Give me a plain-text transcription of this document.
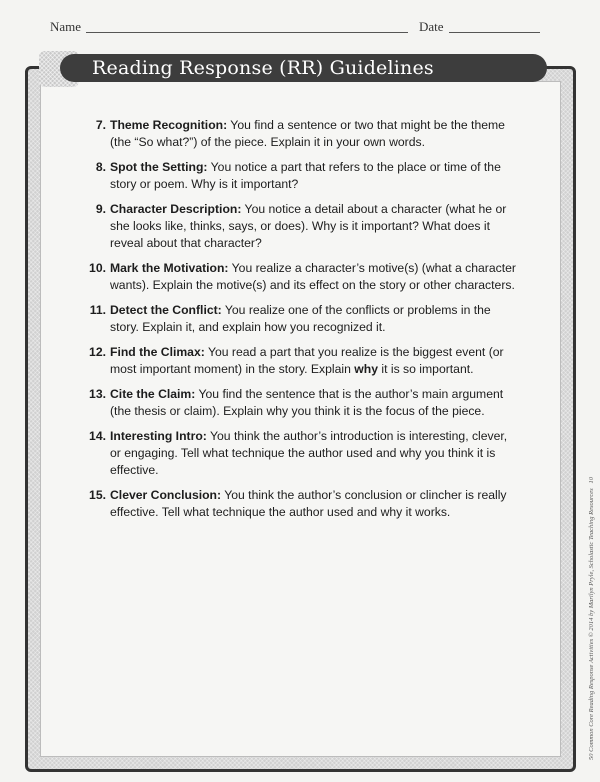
Name	Date
Reading Response (RR) Guidelines
7. Theme Recognition: You find a sentence or two that might be the theme (the “So what?”) of the piece. Explain it in your own words.
8. Spot the Setting: You notice a part that refers to the place or time of the story or poem. Why is it important?
9. Character Description: You notice a detail about a character (what he or she looks like, thinks, says, or does). Why is it important? What does it reveal about that character?
10. Mark the Motivation: You realize a character’s motive(s) (what a character wants). Explain the motive(s) and its effect on the story or other characters.
11. Detect the Conflict: You realize one of the conflicts or problems in the story. Explain it, and explain how you recognized it.
12. Find the Climax: You read a part that you realize is the biggest event (or most important moment) in the story. Explain why it is so important.
13. Cite the Claim: You find the sentence that is the author’s main argument (the thesis or claim). Explain why you think it is the focus of the piece.
14. Interesting Intro: You think the author’s introduction is interesting, clever, or engaging. Tell what technique the author used and why you think it is effective.
15. Clever Conclusion: You think the author’s conclusion or clincher is really effective. Tell what technique the author used and why it works.	50 Common Core Reading Response Activities © 2014 by Marilyn Pryle, Scholastic Teaching Resources   10
